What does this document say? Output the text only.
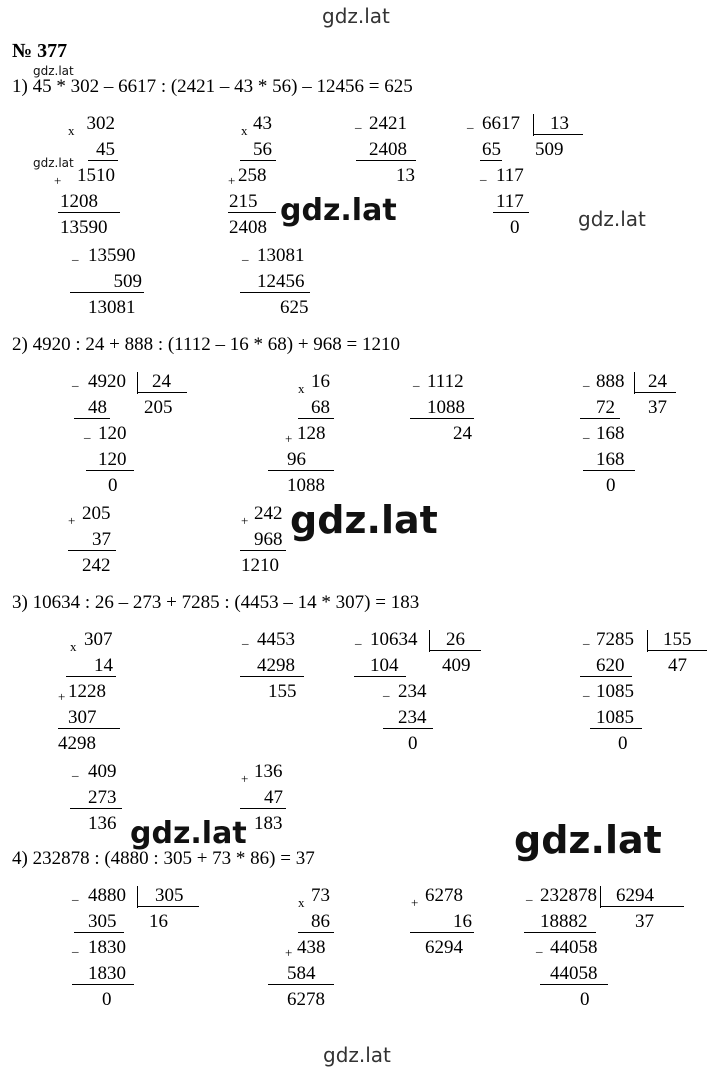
gdz.lat
№ 377
gdz.lat
1) 45 * 302 – 6617 : (2421 – 43 * 56) – 12456 = 625
x 302
45
+ 1510
1208
13590
gdz.lat
x 43
56
+ 258
215
2408 gdz.lat
_ 2421
2408
13
_ 6617 13
65 509
_ 117
117
0	gdz.lat
_ 13590
509
13081
_ 13081
12456
625
2) 4920 : 24 + 888 : (1112 – 16 * 68) + 968 = 1210
_ 4920 24
48 205
_ 120
120
0
x 16
68
+ 128
96
1088
_ 1112
1088
24
_ 888 24
72 37
_ 168
168
0
+ 205
37
242
+ 242
968
1210
gdz.lat
3) 10634 : 26 – 273 + 7285 : (4453 – 14 * 307) = 183
x 307
14
+ 1228
307
4298
_ 4453
4298
155
_ 10634 26
104 409
_ 234
234
0
_ 7285 155
620 47
_ 1085
1085
0
_ 409
273
136 gdz.lat
+ 136
47
183	gdz.lat
4) 232878 : (4880 : 305 + 73 * 86) = 37
_ 4880 305
305 16
_ 1830
1830
0
x 73
86
+ 438
584
6278
+ 6278
16
6294
_ 232878 6294
18882	37
_ 44058
44058
0
gdz.lat
